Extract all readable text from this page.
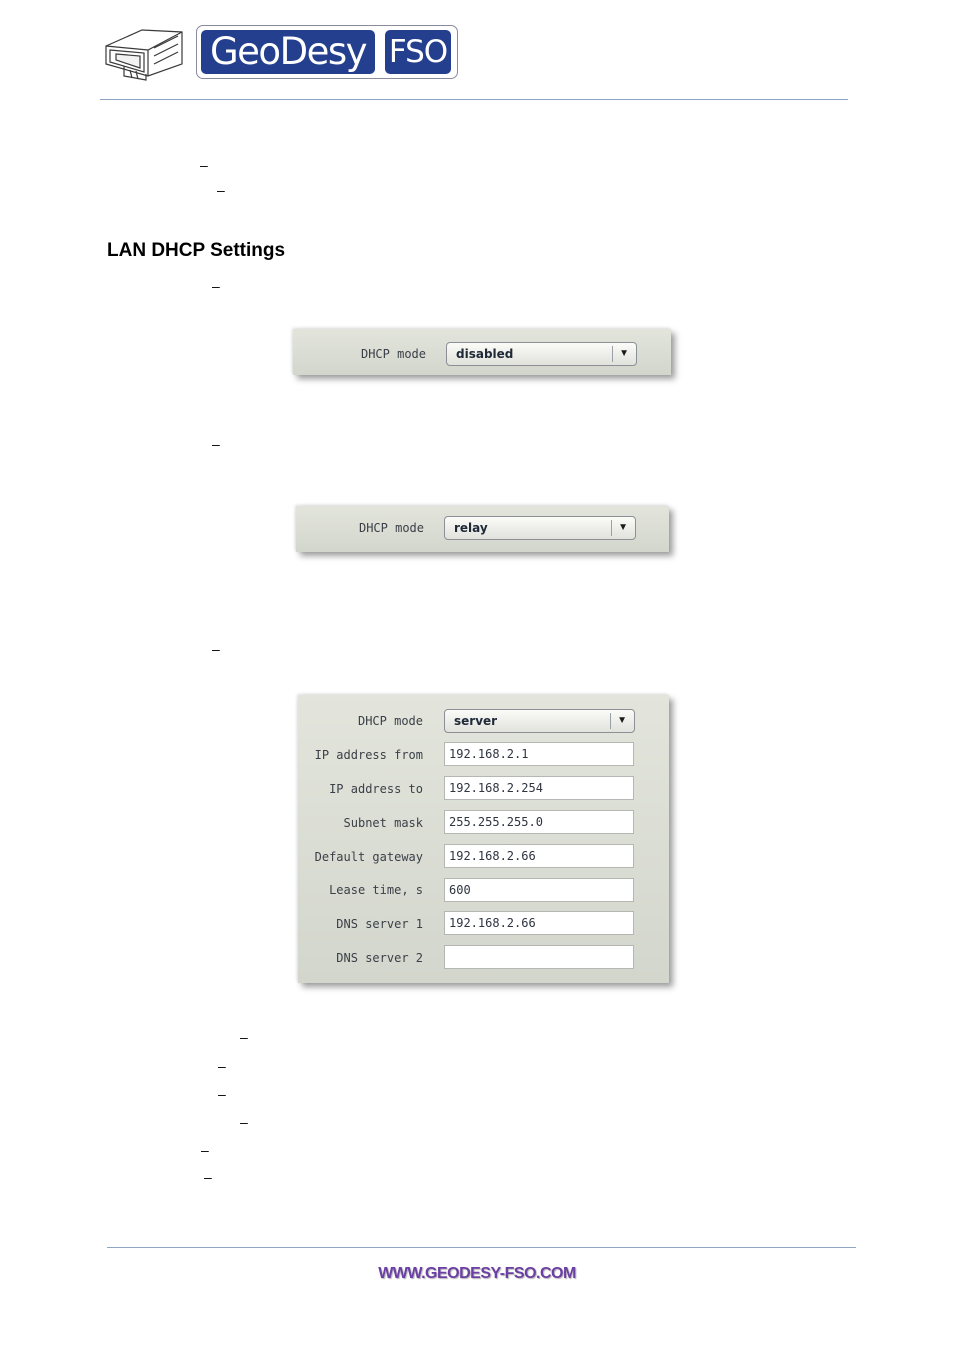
GeoDesy FSO
–
–
LAN DHCP Settings
–
DHCP mode	disabled	▼
–
DHCP mode	relay	▼
–
DHCP mode	server	▼
IP address from	192.168.2.1
IP address to	192.168.2.254
Subnet mask	255.255.255.0
Default gateway	192.168.2.66
Lease time, s	600
DNS server 1	192.168.2.66
DNS server 2
–
–
–
–
–
–
WWW.GEODESY-FSO.COM
